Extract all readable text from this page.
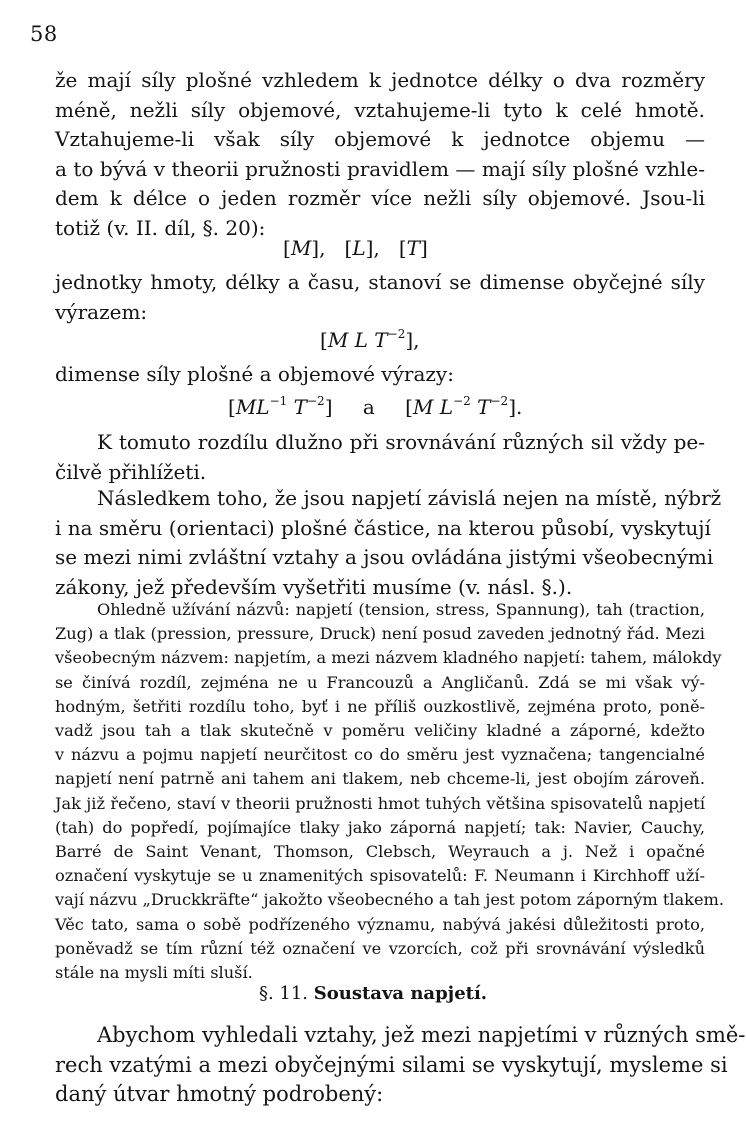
58
že mají síly plošné vzhledem k jednotce délky o dva rozměry
méně, nežli síly objemové, vztahujeme-li tyto k celé hmotě.
Vztahujeme-li však síly objemové k jednotce objemu —
a to bývá v theorii pružnosti pravidlem — mají síly plošné vzhle-
dem k délce o jeden rozměr více nežli síly objemové. Jsou-li
totiž (v. II. díl, §. 20):
[M],   [L],   [T]
jednotky hmoty, délky a času, stanoví se dimense obyčejné síly
výrazem:
[M L $T^{-2}$],
dimense síly plošné a objemové výrazy:
[$ML^{-1}$ $T^{-2}$] a [M $L^{-2}$ $T^{-2}$].
K tomuto rozdílu dlužno při srovnávání různých sil vždy pe-
čilvě přihlížeti.
Následkem toho, že jsou napjetí závislá nejen na místě, nýbrž
i na směru (orientaci) plošné částice, na kterou působí, vyskytují
se mezi nimi zvláštní vztahy a jsou ovládána jistými všeobecnými
zákony, jež především vyšetřiti musíme (v. násl. §.).
Ohledně užívání názvů: napjetí (tension, stress, Spannung), tah (traction,
Zug) a tlak (pression, pressure, Druck) není posud zaveden jednotný řád. Mezi
všeobecným názvem: napjetím, a mezi názvem kladného napjetí: tahem, málokdy
se činívá rozdíl, zejména ne u Francouzů a Angličanů. Zdá se mi však vý-
hodným, šetřiti rozdílu toho, byť i ne příliš ouzkostlivě, zejména proto, poně-
vadž jsou tah a tlak skutečně v poměru veličiny kladné a záporné, kdežto
v názvu a pojmu napjetí neurčitost co do směru jest vyznačena; tangencialné
napjetí není patrně ani tahem ani tlakem, neb chceme-li, jest obojím zároveň.
Jak již řečeno, staví v theorii pružnosti hmot tuhých většina spisovatelů napjetí
(tah) do popředí, pojímajíce tlaky jako záporná napjetí; tak: Navier, Cauchy,
Barré de Saint Venant, Thomson, Clebsch, Weyrauch a j. Než i opačné
označení vyskytuje se u znamenitých spisovatelů: F. Neumann i Kirchhoff uží-
vají názvu „Druckkräfte“ jakožto všeobecného a tah jest potom záporným tlakem.
Věc tato, sama o sobě podřízeného významu, nabývá jakési důležitosti proto,
poněvadž se tím různí též označení ve vzorcích, což při srovnávání výsledků
stále na mysli míti sluší.
§. 11. Soustava napjetí.
Abychom vyhledali vztahy, jež mezi napjetími v různých smě-
rech vzatými a mezi obyčejnými silami se vyskytují, mysleme si
daný útvar hmotný podrobený:
